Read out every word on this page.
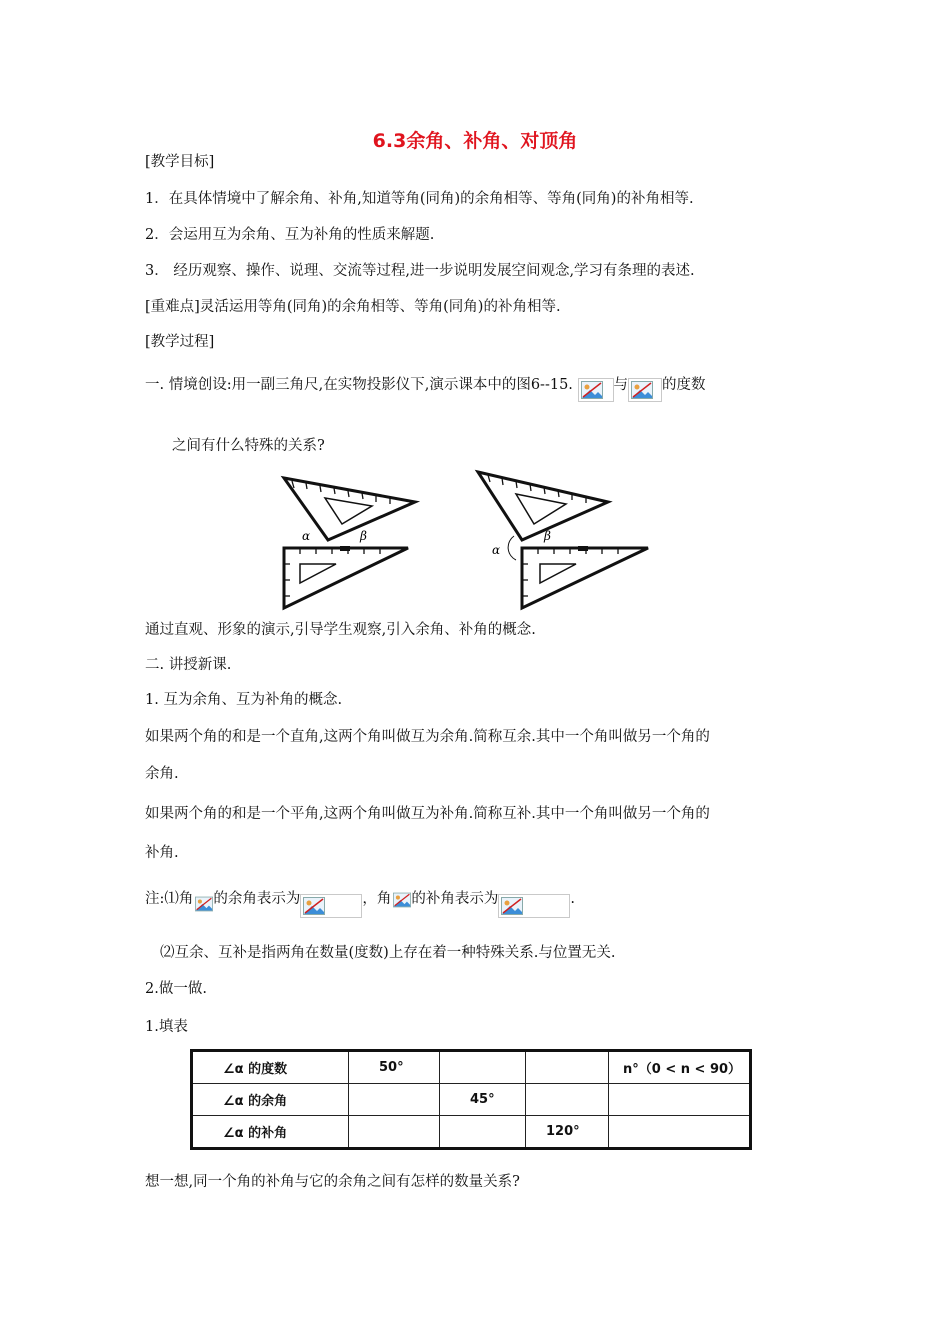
6.3余角、补角、对顶角
[教学目标]
1．在具体情境中了解余角、补角,知道等角(同角)的余角相等、等角(同角)的补角相等.
2．会运用互为余角、互为补角的性质来解题.
3． 经历观察、操作、说理、交流等过程,进一步说明发展空间观念,学习有条理的表述.
[重难点]灵活运用等角(同角)的余角相等、等角(同角)的补角相等.
[教学过程]
一. 情境创设:用一副三角尺,在实物投影仪下,演示课本中的图6--15.	与 的度数
之间有什么特殊的关系?
α	β
α
β
通过直观、形象的演示,引导学生观察,引入余角、补角的概念.
二. 讲授新课.
1. 互为余角、互为补角的概念.
如果两个角的和是一个直角,这两个角叫做互为余角.简称互余.其中一个角叫做另一个角的
余角.
如果两个角的和是一个平角,这两个角叫做互为补角.简称互补.其中一个角叫做另一个角的
补角.
注:⑴角 的余角表示为	，角 的补角表示为	.
⑵互余、互补是指两角在数量(度数)上存在着一种特殊关系.与位置无关.
2.做一做.
1.填表
∠α 的度数	50°			n°（0 < n < 90）
∠α 的余角		45°		
∠α 的补角			120°	
想一想,同一个角的补角与它的余角之间有怎样的数量关系?
